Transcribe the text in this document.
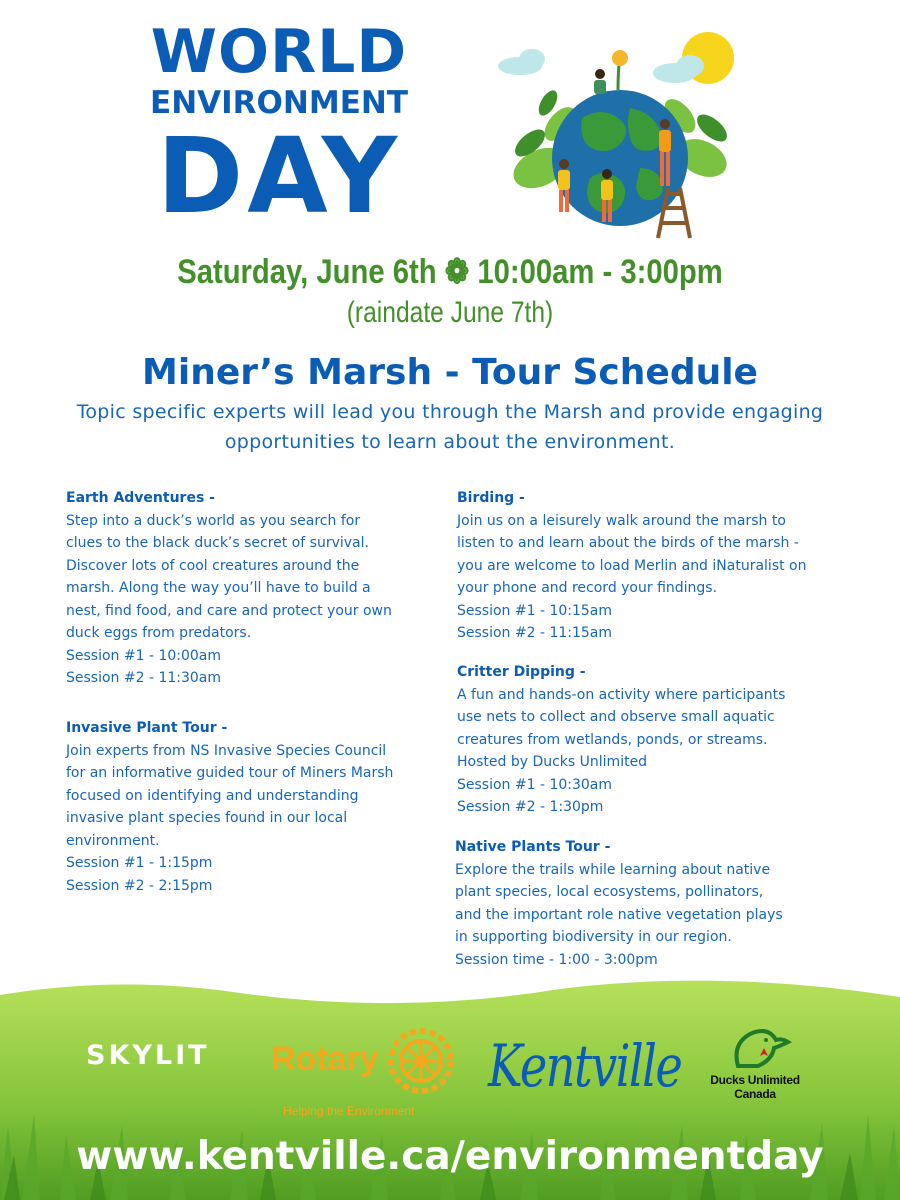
WORLD
ENVIRONMENT
DAY
Saturday, June 6th ❁ 10:00am - 3:00pm
(raindate June 7th)
Miner’s Marsh - Tour Schedule
Topic specific experts will lead you through the Marsh and provide engaging opportunities to learn about the environment.
Earth Adventures -
Step into a duck’s world as you search for
clues to the black duck’s secret of survival.
Discover lots of cool creatures around the
marsh. Along the way you’ll have to build a
nest, find food, and care and protect your own
duck eggs from predators.
Session #1 - 10:00am
Session #2 - 11:30am
Invasive Plant Tour -
Join experts from NS Invasive Species Council
for an informative guided tour of Miners Marsh
focused on identifying and understanding
invasive plant species found in our local
environment.
Session #1 - 1:15pm
Session #2 - 2:15pm
Birding -
Join us on a leisurely walk around the marsh to
listen to and learn about the birds of the marsh -
you are welcome to load Merlin and iNaturalist on
your phone and record your findings.
Session #1 - 10:15am
Session #2 - 11:15am
Critter Dipping -
A fun and hands-on activity where participants
use nets to collect and observe small aquatic
creatures from wetlands, ponds, or streams.
Hosted by Ducks Unlimited
Session #1 - 10:30am
Session #2 - 1:30pm
Native Plants Tour -
Explore the trails while learning about native
plant species, local ecosystems, pollinators,
and the important role native vegetation plays
in supporting biodiversity in our region.
Session time - 1:00 - 3:00pm
SKYLIT Rotary
Helping the Environment
Kentville	Ducks Unlimited
Canada
www.kentville.ca/environmentday
